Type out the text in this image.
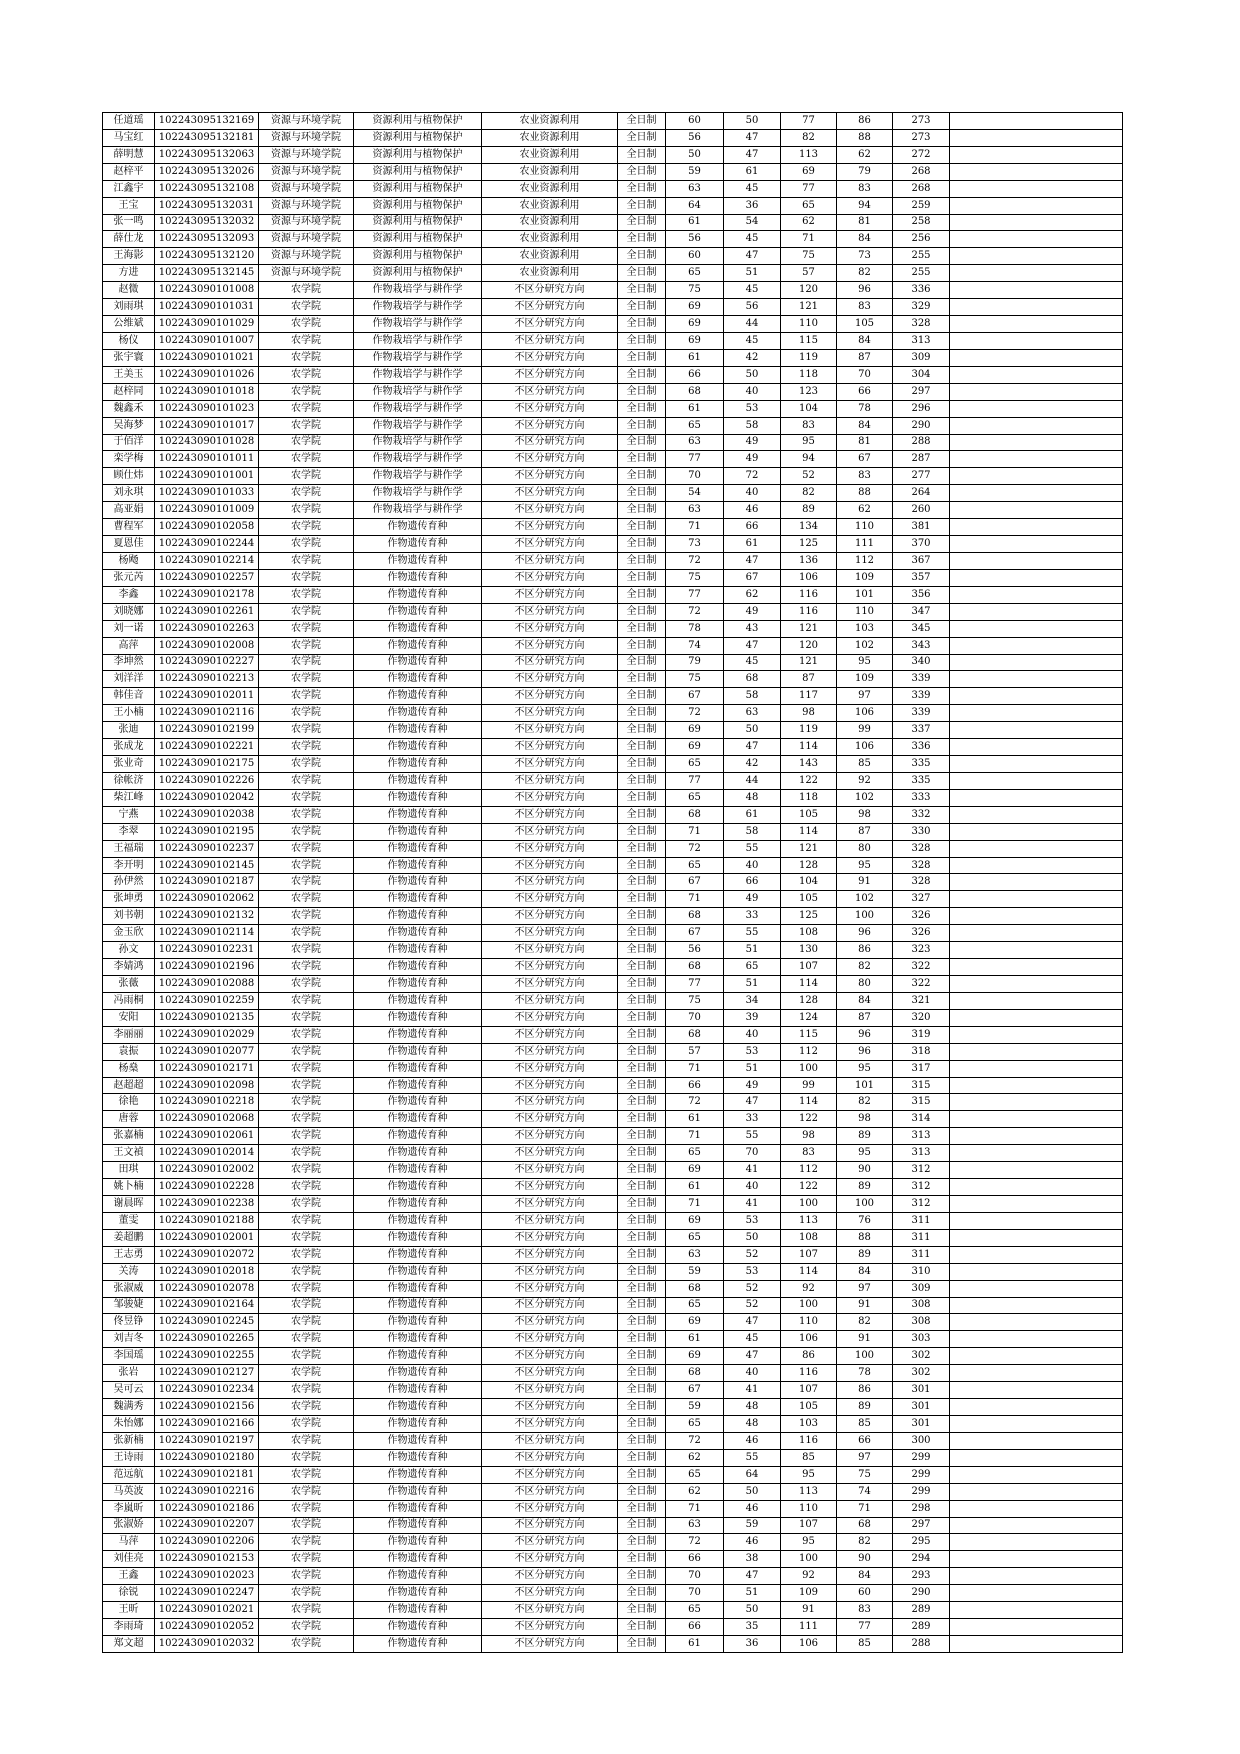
任道瑶	102243095132169	资源与环境学院	资源利用与植物保护	农业资源利用	全日制	60	50	77	86	273	
马宝红	102243095132181	资源与环境学院	资源利用与植物保护	农业资源利用	全日制	56	47	82	88	273	
薛明慧	102243095132063	资源与环境学院	资源利用与植物保护	农业资源利用	全日制	50	47	113	62	272	
赵梓平	102243095132026	资源与环境学院	资源利用与植物保护	农业资源利用	全日制	59	61	69	79	268	
江鑫宇	102243095132108	资源与环境学院	资源利用与植物保护	农业资源利用	全日制	63	45	77	83	268	
王宝	102243095132031	资源与环境学院	资源利用与植物保护	农业资源利用	全日制	64	36	65	94	259	
张一鸣	102243095132032	资源与环境学院	资源利用与植物保护	农业资源利用	全日制	61	54	62	81	258	
薛仕龙	102243095132093	资源与环境学院	资源利用与植物保护	农业资源利用	全日制	56	45	71	84	256	
王海影	102243095132120	资源与环境学院	资源利用与植物保护	农业资源利用	全日制	60	47	75	73	255	
方进	102243095132145	资源与环境学院	资源利用与植物保护	农业资源利用	全日制	65	51	57	82	255	
赵微	102243090101008	农学院	作物栽培学与耕作学	不区分研究方向	全日制	75	45	120	96	336	
刘雨琪	102243090101031	农学院	作物栽培学与耕作学	不区分研究方向	全日制	69	56	121	83	329	
公维斌	102243090101029	农学院	作物栽培学与耕作学	不区分研究方向	全日制	69	44	110	105	328	
杨仪	102243090101007	农学院	作物栽培学与耕作学	不区分研究方向	全日制	69	45	115	84	313	
张宇寰	102243090101021	农学院	作物栽培学与耕作学	不区分研究方向	全日制	61	42	119	87	309	
王美玉	102243090101026	农学院	作物栽培学与耕作学	不区分研究方向	全日制	66	50	118	70	304	
赵梓同	102243090101018	农学院	作物栽培学与耕作学	不区分研究方向	全日制	68	40	123	66	297	
魏鑫禾	102243090101023	农学院	作物栽培学与耕作学	不区分研究方向	全日制	61	53	104	78	296	
吴海梦	102243090101017	农学院	作物栽培学与耕作学	不区分研究方向	全日制	65	58	83	84	290	
于佰洋	102243090101028	农学院	作物栽培学与耕作学	不区分研究方向	全日制	63	49	95	81	288	
栾学梅	102243090101011	农学院	作物栽培学与耕作学	不区分研究方向	全日制	77	49	94	67	287	
顾仕炜	102243090101001	农学院	作物栽培学与耕作学	不区分研究方向	全日制	70	72	52	83	277	
刘永琪	102243090101033	农学院	作物栽培学与耕作学	不区分研究方向	全日制	54	40	82	88	264	
高亚娟	102243090101009	农学院	作物栽培学与耕作学	不区分研究方向	全日制	63	46	89	62	260	
曹程军	102243090102058	农学院	作物遗传育种	不区分研究方向	全日制	71	66	134	110	381	
夏恩佳	102243090102244	农学院	作物遗传育种	不区分研究方向	全日制	73	61	125	111	370	
杨飏	102243090102214	农学院	作物遗传育种	不区分研究方向	全日制	72	47	136	112	367	
张元芮	102243090102257	农学院	作物遗传育种	不区分研究方向	全日制	75	67	106	109	357	
李鑫	102243090102178	农学院	作物遗传育种	不区分研究方向	全日制	77	62	116	101	356	
刘晓娜	102243090102261	农学院	作物遗传育种	不区分研究方向	全日制	72	49	116	110	347	
刘一诺	102243090102263	农学院	作物遗传育种	不区分研究方向	全日制	78	43	121	103	345	
高萍	102243090102008	农学院	作物遗传育种	不区分研究方向	全日制	74	47	120	102	343	
李坤然	102243090102227	农学院	作物遗传育种	不区分研究方向	全日制	79	45	121	95	340	
刘洋洋	102243090102213	农学院	作物遗传育种	不区分研究方向	全日制	75	68	87	109	339	
韩佳音	102243090102011	农学院	作物遗传育种	不区分研究方向	全日制	67	58	117	97	339	
王小楠	102243090102116	农学院	作物遗传育种	不区分研究方向	全日制	72	63	98	106	339	
张迪	102243090102199	农学院	作物遗传育种	不区分研究方向	全日制	69	50	119	99	337	
张成龙	102243090102221	农学院	作物遗传育种	不区分研究方向	全日制	69	47	114	106	336	
张业奇	102243090102175	农学院	作物遗传育种	不区分研究方向	全日制	65	42	143	85	335	
徐帐济	102243090102226	农学院	作物遗传育种	不区分研究方向	全日制	77	44	122	92	335	
柴江峰	102243090102042	农学院	作物遗传育种	不区分研究方向	全日制	65	48	118	102	333	
宁燕	102243090102038	农学院	作物遗传育种	不区分研究方向	全日制	68	61	105	98	332	
李翠	102243090102195	农学院	作物遗传育种	不区分研究方向	全日制	71	58	114	87	330	
王福瑞	102243090102237	农学院	作物遗传育种	不区分研究方向	全日制	72	55	121	80	328	
李开明	102243090102145	农学院	作物遗传育种	不区分研究方向	全日制	65	40	128	95	328	
孙伊然	102243090102187	农学院	作物遗传育种	不区分研究方向	全日制	67	66	104	91	328	
张坤勇	102243090102062	农学院	作物遗传育种	不区分研究方向	全日制	71	49	105	102	327	
刘书朝	102243090102132	农学院	作物遗传育种	不区分研究方向	全日制	68	33	125	100	326	
金玉欣	102243090102114	农学院	作物遗传育种	不区分研究方向	全日制	67	55	108	96	326	
孙文	102243090102231	农学院	作物遗传育种	不区分研究方向	全日制	56	51	130	86	323	
李婧鸿	102243090102196	农学院	作物遗传育种	不区分研究方向	全日制	68	65	107	82	322	
张薇	102243090102088	农学院	作物遗传育种	不区分研究方向	全日制	77	51	114	80	322	
冯雨桐	102243090102259	农学院	作物遗传育种	不区分研究方向	全日制	75	34	128	84	321	
安阳	102243090102135	农学院	作物遗传育种	不区分研究方向	全日制	70	39	124	87	320	
李丽丽	102243090102029	农学院	作物遗传育种	不区分研究方向	全日制	68	40	115	96	319	
袁振	102243090102077	农学院	作物遗传育种	不区分研究方向	全日制	57	53	112	96	318	
杨燊	102243090102171	农学院	作物遗传育种	不区分研究方向	全日制	71	51	100	95	317	
赵超超	102243090102098	农学院	作物遗传育种	不区分研究方向	全日制	66	49	99	101	315	
徐艳	102243090102218	农学院	作物遗传育种	不区分研究方向	全日制	72	47	114	82	315	
唐蓉	102243090102068	农学院	作物遗传育种	不区分研究方向	全日制	61	33	122	98	314	
张嘉楠	102243090102061	农学院	作物遗传育种	不区分研究方向	全日制	71	55	98	89	313	
王文禎	102243090102014	农学院	作物遗传育种	不区分研究方向	全日制	65	70	83	95	313	
田琪	102243090102002	农学院	作物遗传育种	不区分研究方向	全日制	69	41	112	90	312	
姚卜楠	102243090102228	农学院	作物遗传育种	不区分研究方向	全日制	61	40	122	89	312	
谢晨晖	102243090102238	农学院	作物遗传育种	不区分研究方向	全日制	71	41	100	100	312	
董雯	102243090102188	农学院	作物遗传育种	不区分研究方向	全日制	69	53	113	76	311	
姜超鹏	102243090102001	农学院	作物遗传育种	不区分研究方向	全日制	65	50	108	88	311	
王志勇	102243090102072	农学院	作物遗传育种	不区分研究方向	全日制	63	52	107	89	311	
关涛	102243090102018	农学院	作物遗传育种	不区分研究方向	全日制	59	53	114	84	310	
张淑威	102243090102078	农学院	作物遗传育种	不区分研究方向	全日制	68	52	92	97	309	
邹骏婕	102243090102164	农学院	作物遗传育种	不区分研究方向	全日制	65	52	100	91	308	
佟昱铮	102243090102245	农学院	作物遗传育种	不区分研究方向	全日制	69	47	110	82	308	
刘吉冬	102243090102265	农学院	作物遗传育种	不区分研究方向	全日制	61	45	106	91	303	
李国瑶	102243090102255	农学院	作物遗传育种	不区分研究方向	全日制	69	47	86	100	302	
张岩	102243090102127	农学院	作物遗传育种	不区分研究方向	全日制	68	40	116	78	302	
吴可云	102243090102234	农学院	作物遗传育种	不区分研究方向	全日制	67	41	107	86	301	
魏满秀	102243090102156	农学院	作物遗传育种	不区分研究方向	全日制	59	48	105	89	301	
朱怡娜	102243090102166	农学院	作物遗传育种	不区分研究方向	全日制	65	48	103	85	301	
张新楠	102243090102197	农学院	作物遗传育种	不区分研究方向	全日制	72	46	116	66	300	
王诗雨	102243090102180	农学院	作物遗传育种	不区分研究方向	全日制	62	55	85	97	299	
范远航	102243090102181	农学院	作物遗传育种	不区分研究方向	全日制	65	64	95	75	299	
马英波	102243090102216	农学院	作物遗传育种	不区分研究方向	全日制	62	50	113	74	299	
李嵐昕	102243090102186	农学院	作物遗传育种	不区分研究方向	全日制	71	46	110	71	298	
张淑娇	102243090102207	农学院	作物遗传育种	不区分研究方向	全日制	63	59	107	68	297	
马萍	102243090102206	农学院	作物遗传育种	不区分研究方向	全日制	72	46	95	82	295	
刘佳亮	102243090102153	农学院	作物遗传育种	不区分研究方向	全日制	66	38	100	90	294	
王鑫	102243090102023	农学院	作物遗传育种	不区分研究方向	全日制	70	47	92	84	293	
徐锐	102243090102247	农学院	作物遗传育种	不区分研究方向	全日制	70	51	109	60	290	
王昕	102243090102021	农学院	作物遗传育种	不区分研究方向	全日制	65	50	91	83	289	
李雨琦	102243090102052	农学院	作物遗传育种	不区分研究方向	全日制	66	35	111	77	289	
郑文超	102243090102032	农学院	作物遗传育种	不区分研究方向	全日制	61	36	106	85	288	
